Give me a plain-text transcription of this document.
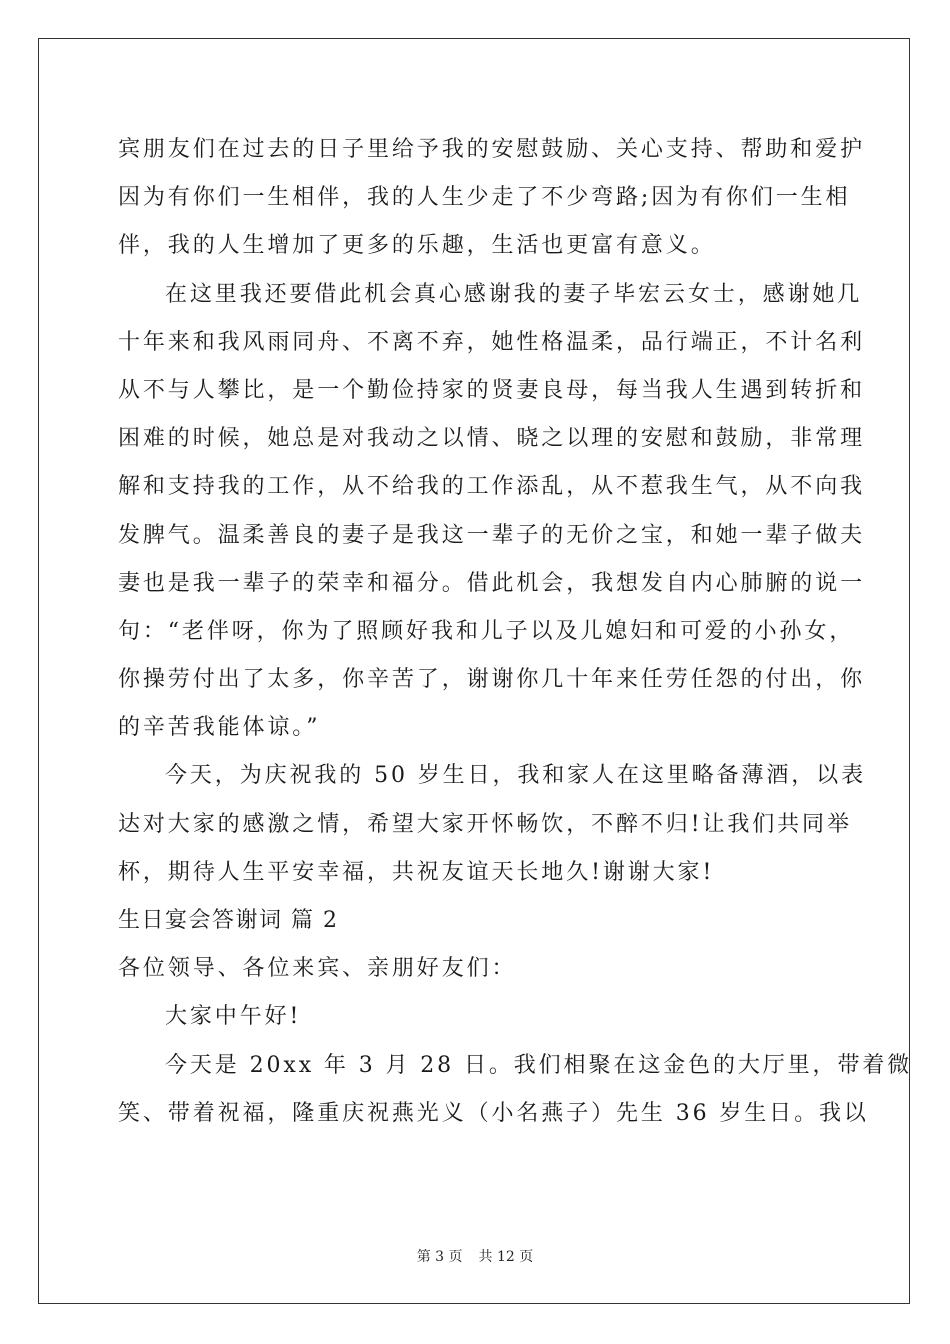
宾朋友们在过去的日子里给予我的安慰鼓励、关心支持、帮助和爱护
因为有你们一生相伴，我的人生少走了不少弯路;因为有你们一生相
伴，我的人生增加了更多的乐趣，生活也更富有意义。
在这里我还要借此机会真心感谢我的妻子毕宏云女士，感谢她几
十年来和我风雨同舟、不离不弃，她性格温柔，品行端正，不计名利
从不与人攀比，是一个勤俭持家的贤妻良母，每当我人生遇到转折和
困难的时候，她总是对我动之以情、晓之以理的安慰和鼓励，非常理
解和支持我的工作，从不给我的工作添乱，从不惹我生气，从不向我
发脾气。温柔善良的妻子是我这一辈子的无价之宝，和她一辈子做夫
妻也是我一辈子的荣幸和福分。借此机会，我想发自内心肺腑的说一
句：“老伴呀，你为了照顾好我和儿子以及儿媳妇和可爱的小孙女，
你操劳付出了太多，你辛苦了，谢谢你几十年来任劳任怨的付出，你
的辛苦我能体谅。”
今天，为庆祝我的 50 岁生日，我和家人在这里略备薄酒，以表
达对大家的感激之情，希望大家开怀畅饮，不醉不归!让我们共同举
杯，期待人生平安幸福，共祝友谊天长地久!谢谢大家!
生日宴会答谢词 篇 2
各位领导、各位来宾、亲朋好友们：
大家中午好!
今天是 20xx 年 3 月 28 日。我们相聚在这金色的大厅里，带着微
笑、带着祝福，隆重庆祝燕光义（小名燕子）先生 36 岁生日。我以
第 3 页 共 12 页
